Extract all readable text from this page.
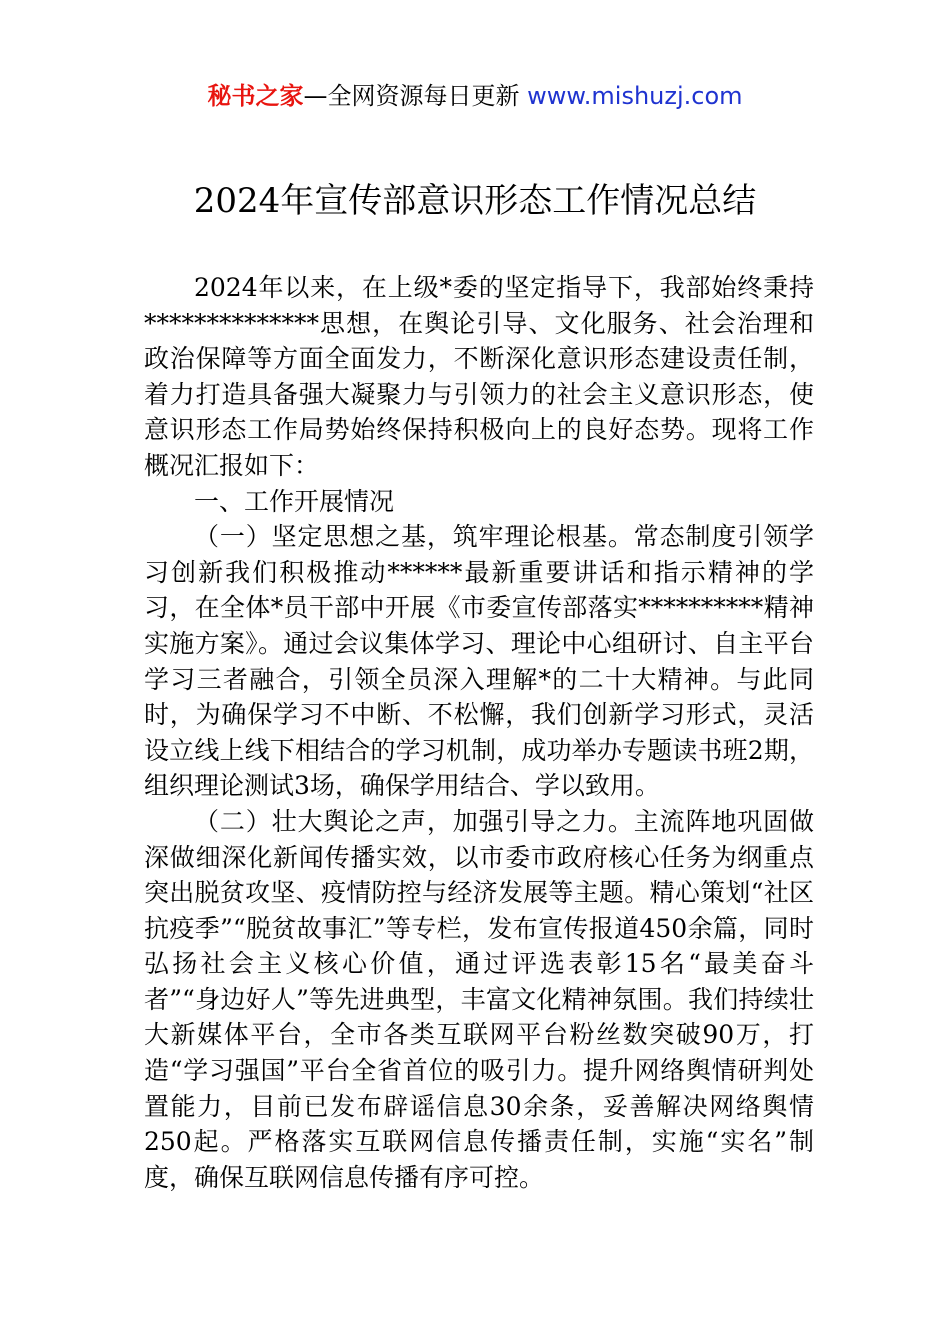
秘书之家—全网资源每日更新 www.mishuzj.com
2024年宣传部意识形态工作情况总结

2024年以来，在上级*委的坚定指导下，我部始终秉持**************思想，在舆论引导、文化服务、社会治理和政治保障等方面全面发力，不断深化意识形态建设责任制，着力打造具备强大凝聚力与引领力的社会主义意识形态，使意识形态工作局势始终保持积极向上的良好态势。现将工作概况汇报如下：

一、工作开展情况

（一）坚定思想之基，筑牢理论根基。常态制度引领学习创新我们积极推动******最新重要讲话和指示精神的学习，在全体*员干部中开展《市委宣传部落实**********精神实施方案》。通过会议集体学习、理论中心组研讨、自主平台学习三者融合，引领全员深入理解*的二十大精神。与此同时，为确保学习不中断、不松懈，我们创新学习形式，灵活设立线上线下相结合的学习机制，成功举办专题读书班2期，组织理论测试3场，确保学用结合、学以致用。

（二）壮大舆论之声，加强引导之力。主流阵地巩固做深做细深化新闻传播实效，以市委市政府核心任务为纲重点突出脱贫攻坚、疫情防控与经济发展等主题。精心策划“社区抗疫季”“脱贫故事汇”等专栏，发布宣传报道450余篇，同时弘扬社会主义核心价值，通过评选表彰15名“最美奋斗者”“身边好人”等先进典型，丰富文化精神氛围。我们持续壮大新媒体平台，全市各类互联网平台粉丝数突破90万，打造“学习强国”平台全省首位的吸引力。提升网络舆情研判处置能力，目前已发布辟谣信息30余条，妥善解决网络舆情250起。严格落实互联网信息传播责任制，实施“实名”制度，确保互联网信息传播有序可控。
